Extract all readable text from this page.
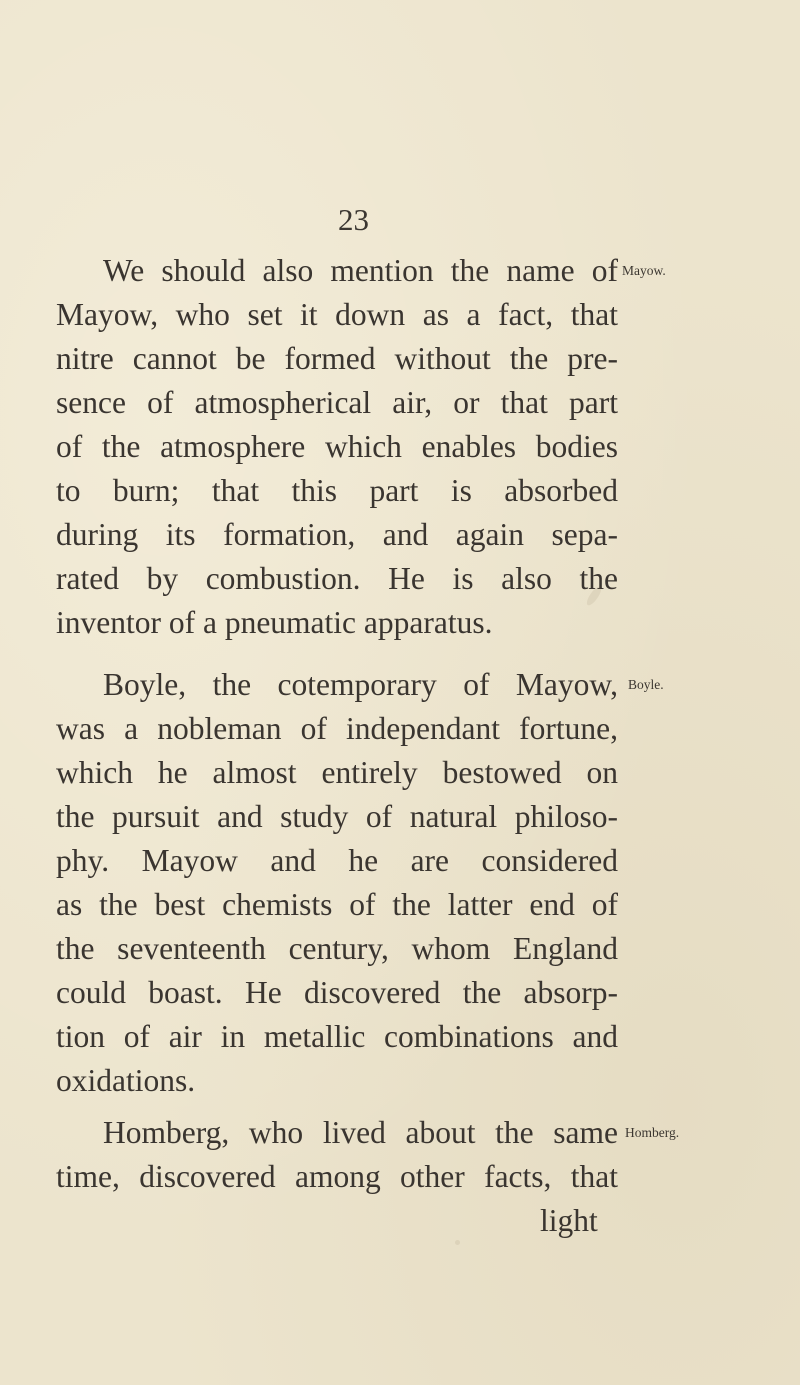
23
We should also mention the name of
Mayow, who set it down as a fact, that
nitre cannot be formed without the pre-
sence of atmospherical air, or that part
of the atmosphere which enables bodies
to burn; that this part is absorbed
during its formation, and again sepa-
rated by combustion. He is also the
inventor of a pneumatic apparatus.
Mayow.
Boyle, the cotemporary of Mayow,
was a nobleman of independant fortune,
which he almost entirely bestowed on
the pursuit and study of natural philoso-
phy. Mayow and he are considered
as the best chemists of the latter end of
the seventeenth century, whom England
could boast. He discovered the absorp-
tion of air in metallic combinations and
oxidations.
Boyle.
Homberg, who lived about the same
time, discovered among other facts, that
Homberg.
light
